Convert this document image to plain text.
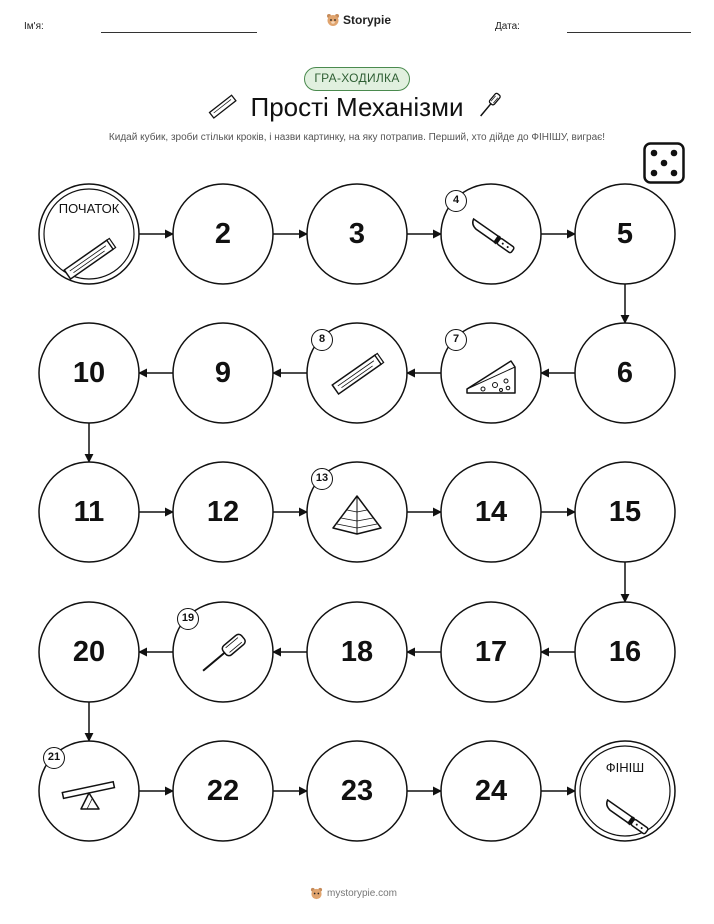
Ім'я:	Storypie	Дата:
ГРА-ХОДИЛКА
Прості Механізми
Кидай кубик, зроби стільки кроків, і назви картинку, на яку потрапив. Перший, хто дійде до ФІНІШУ, виграє!
ПОЧАТОК
2	3
4
5
6
7
8
9
10
11	12
13
14	15
16
17
18
19
20
21
22	23	24
ФІНІШ
mystorypie.com
